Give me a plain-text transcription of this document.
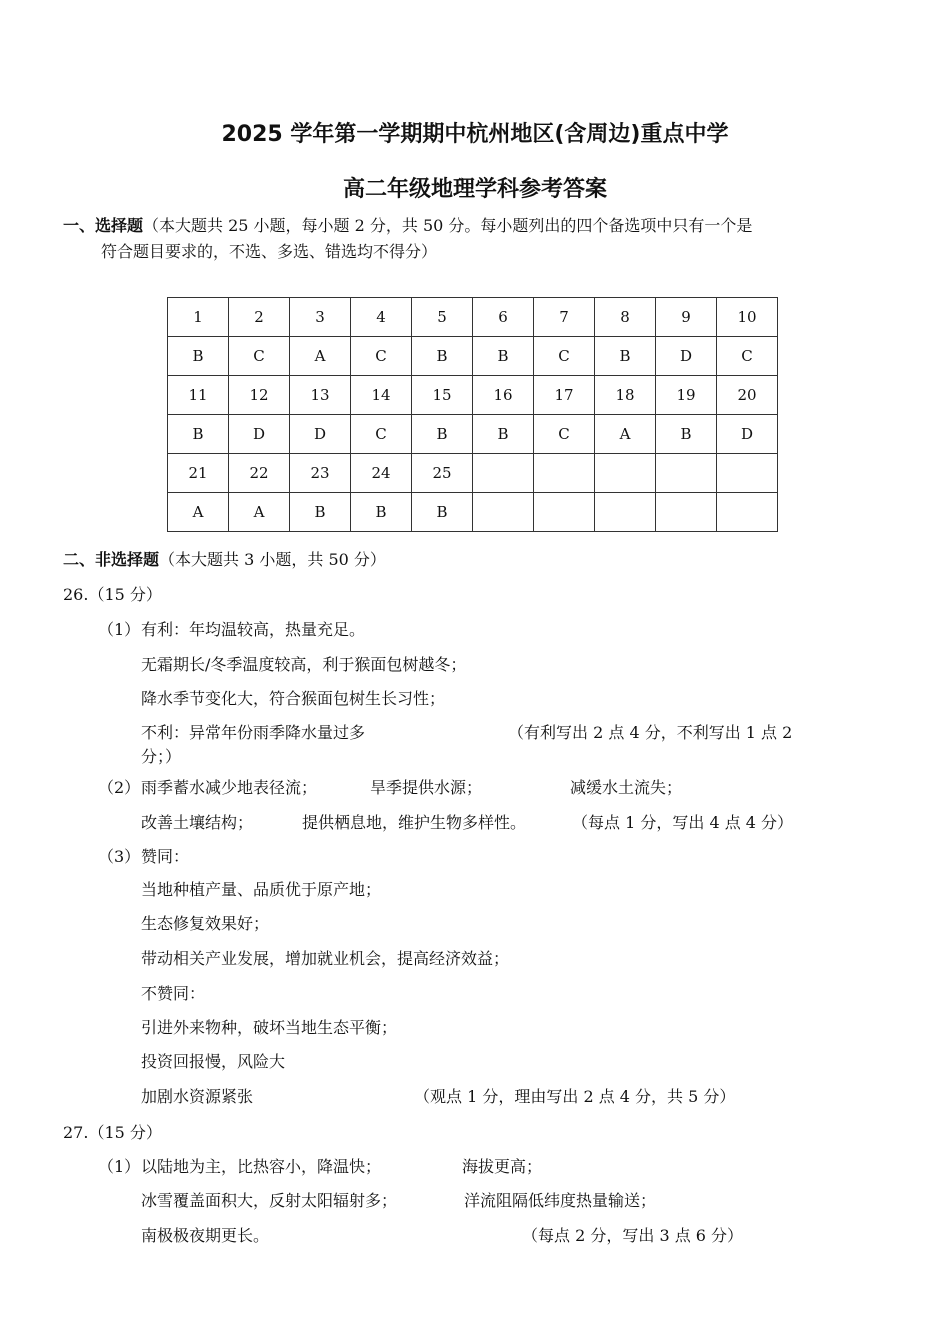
2025 学年第一学期期中杭州地区(含周边)重点中学
高二年级地理学科参考答案
一、选择题（本大题共 25 小题，每小题 2 分，共 50 分。每小题列出的四个备选项中只有一个是
符合题目要求的，不选、多选、错选均不得分）
1	2	3	4	5	6	7	8	9	10
B	C	A	C	B	B	C	B	D	C
11	12	13	14	15	16	17	18	19	20
B	D	D	C	B	B	C	A	B	D
21	22	23	24	25					
A	A	B	B	B					
二、非选择题（本大题共 3 小题，共 50 分）
26.（15 分）
（1） 有利：年均温较高，热量充足。
无霜期长/冬季温度较高，利于猴面包树越冬；
降水季节变化大，符合猴面包树生长习性；
不利：异常年份雨季降水量过多	（有利写出 2 点 4 分，不利写出 1 点 2
分；）
（2） 雨季蓄水减少地表径流；	旱季提供水源；	减缓水土流失；
改善土壤结构；	提供栖息地，维护生物多样性。	（每点 1 分，写出 4 点 4 分）
（3） 赞同：
当地种植产量、品质优于原产地；
生态修复效果好；
带动相关产业发展，增加就业机会，提高经济效益；
不赞同：
引进外来物种，破坏当地生态平衡；
投资回报慢，风险大
加剧水资源紧张	（观点 1 分，理由写出 2 点 4 分，共 5 分）
27.（15 分）
（1） 以陆地为主，比热容小，降温快；	海拔更高；
冰雪覆盖面积大，反射太阳辐射多；	洋流阻隔低纬度热量输送；
南极极夜期更长。	（每点 2 分，写出 3 点 6 分）
